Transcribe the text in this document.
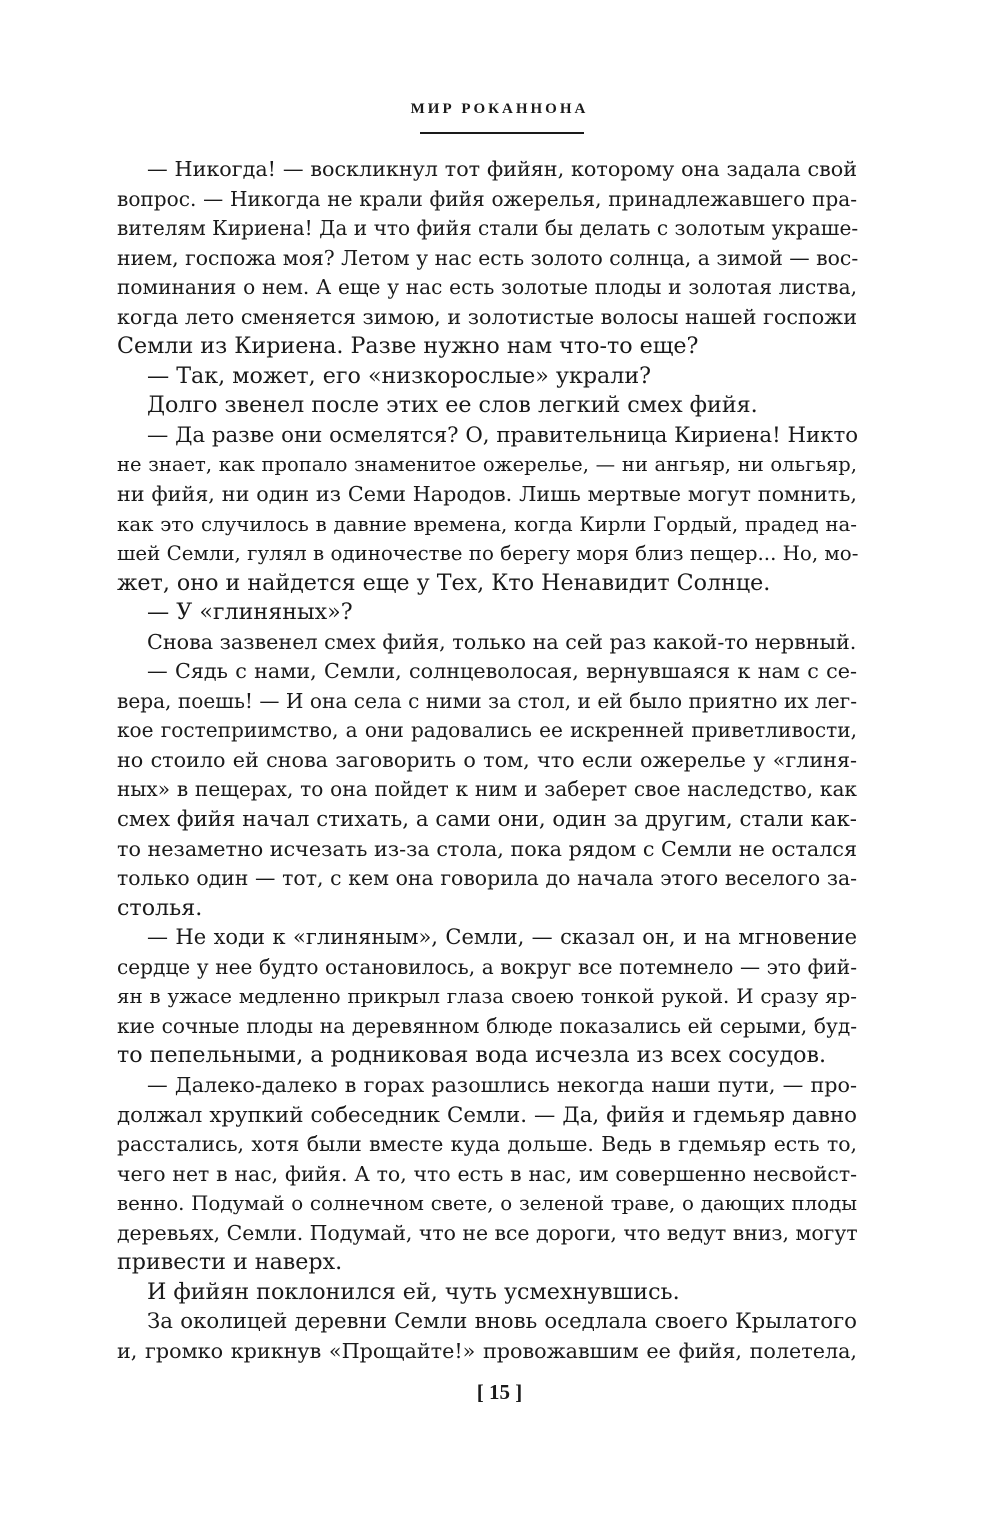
МИР РОКАННОНА
— Никогда! — воскликнул тот фийян, которому она задала свой
вопрос. — Никогда не крали фийя ожерелья, принадлежавшего пра-
вителям Кириена! Да и что фийя стали бы делать с золотым украше-
нием, госпожа моя? Летом у нас есть золото солнца, а зимой — вос-
поминания о нем. А еще у нас есть золотые плоды и золотая листва,
когда лето сменяется зимою, и золотистые волосы нашей госпожи
Семли из Кириена. Разве нужно нам что-то еще?
— Так, может, его «низкорослые» украли?
Долго звенел после этих ее слов легкий смех фийя.
— Да разве они осмелятся? О, правительница Кириена! Никто
не знает, как пропало знаменитое ожерелье, — ни ангьяр, ни ольгьяр,
ни фийя, ни один из Семи Народов. Лишь мертвые могут помнить,
как это случилось в давние времена, когда Кирли Гордый, прадед на-
шей Семли, гулял в одиночестве по берегу моря близ пещер... Но, мо-
жет, оно и найдется еще у Тех, Кто Ненавидит Солнце.
— У «глиняных»?
Снова зазвенел смех фийя, только на сей раз какой-то нервный.
— Сядь с нами, Семли, солнцеволосая, вернувшаяся к нам с се-
вера, поешь! — И она села с ними за стол, и ей было приятно их лег-
кое гостеприимство, а они радовались ее искренней приветливости,
но стоило ей снова заговорить о том, что если ожерелье у «глиня-
ных» в пещерах, то она пойдет к ним и заберет свое наследство, как
смех фийя начал стихать, а сами они, один за другим, стали как-
то незаметно исчезать из-за стола, пока рядом с Семли не остался
только один — тот, с кем она говорила до начала этого веселого за-
столья.
— Не ходи к «глиняным», Семли, — сказал он, и на мгновение
сердце у нее будто остановилось, а вокруг все потемнело — это фий-
ян в ужасе медленно прикрыл глаза своею тонкой рукой. И сразу яр-
кие сочные плоды на деревянном блюде показались ей серыми, буд-
то пепельными, а родниковая вода исчезла из всех сосудов.
— Далеко-далеко в горах разошлись некогда наши пути, — про-
должал хрупкий собеседник Семли. — Да, фийя и гдемьяр давно
расстались, хотя были вместе куда дольше. Ведь в гдемьяр есть то,
чего нет в нас, фийя. А то, что есть в нас, им совершенно несвойст-
венно. Подумай о солнечном свете, о зеленой траве, о дающих плоды
деревьях, Семли. Подумай, что не все дороги, что ведут вниз, могут
привести и наверх.
И фийян поклонился ей, чуть усмехнувшись.
За околицей деревни Семли вновь оседлала своего Крылатого
и, громко крикнув «Прощайте!» провожавшим ее фийя, полетела,
[ 15 ]
